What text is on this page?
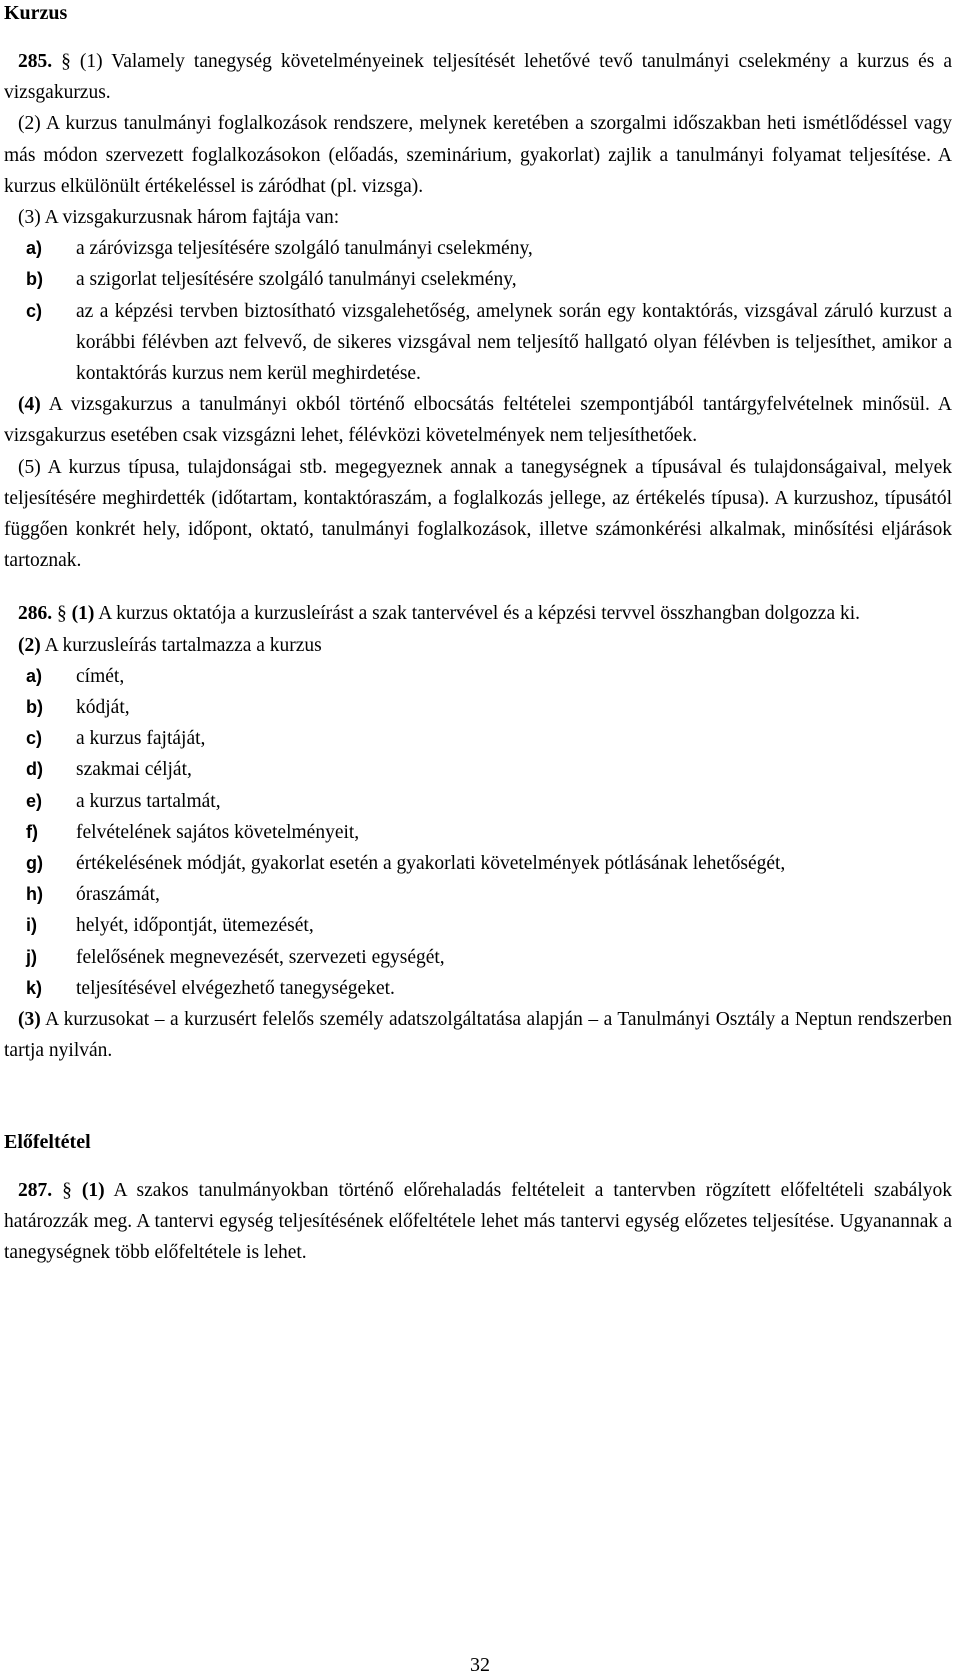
Kurzus

285. § (1) Valamely tanegység követelményeinek teljesítését lehetővé tevő tanulmányi cselekmény a kurzus és a vizsgakurzus.

(2) A kurzus tanulmányi foglalkozások rendszere, melynek keretében a szorgalmi időszakban heti ismétlődéssel vagy más módon szervezett foglalkozásokon (előadás, szeminárium, gyakorlat) zajlik a tanulmányi folyamat teljesítése. A kurzus elkülönült értékeléssel is záródhat (pl. vizsga).

(3) A vizsgakurzusnak három fajtája van:

a)	a záróvizsga teljesítésére szolgáló tanulmányi cselekmény,
b)	a szigorlat teljesítésére szolgáló tanulmányi cselekmény,
c)	az a képzési tervben biztosítható vizsgalehetőség, amelynek során egy kontaktórás, vizsgával záruló kurzust a korábbi félévben azt felvevő, de sikeres vizsgával nem teljesítő hallgató olyan félévben is teljesíthet, amikor a kontaktórás kurzus nem kerül meghirdetése.

(4) A vizsgakurzus a tanulmányi okból történő elbocsátás feltételei szempontjából tantárgyfelvételnek minősül. A vizsgakurzus esetében csak vizsgázni lehet, félévközi követelmények nem teljesíthetőek.

(5) A kurzus típusa, tulajdonságai stb. megegyeznek annak a tanegységnek a típusával és tulajdonságaival, melyek teljesítésére meghirdették (időtartam, kontaktóraszám, a foglalkozás jellege, az értékelés típusa). A kurzushoz, típusától függően konkrét hely, időpont, oktató, tanulmányi foglalkozások, illetve számonkérési alkalmak, minősítési eljárások tartoznak.

286. § (1) A kurzus oktatója a kurzusleírást a szak tantervével és a képzési tervvel összhangban dolgozza ki.

(2) A kurzusleírás tartalmazza a kurzus

a)	címét,
b)	kódját,
c)	a kurzus fajtáját,
d)	szakmai célját,
e)	a kurzus tartalmát,
f)	felvételének sajátos követelményeit,
g)	értékelésének módját, gyakorlat esetén a gyakorlati követelmények pótlásának lehetőségét,
h)	óraszámát,
i)	helyét, időpontját, ütemezését,
j)	felelősének megnevezését, szervezeti egységét,
k)	teljesítésével elvégezhető tanegységeket.

(3) A kurzusokat – a kurzusért felelős személy adatszolgáltatása alapján – a Tanulmányi Osztály a Neptun rendszerben tartja nyilván.

Előfeltétel

287. § (1) A szakos tanulmányokban történő előrehaladás feltételeit a tantervben rögzített előfeltételi szabályok határozzák meg. A tantervi egység teljesítésének előfeltétele lehet más tantervi egység előzetes teljesítése. Ugyanannak a tanegységnek több előfeltétele is lehet.

32
